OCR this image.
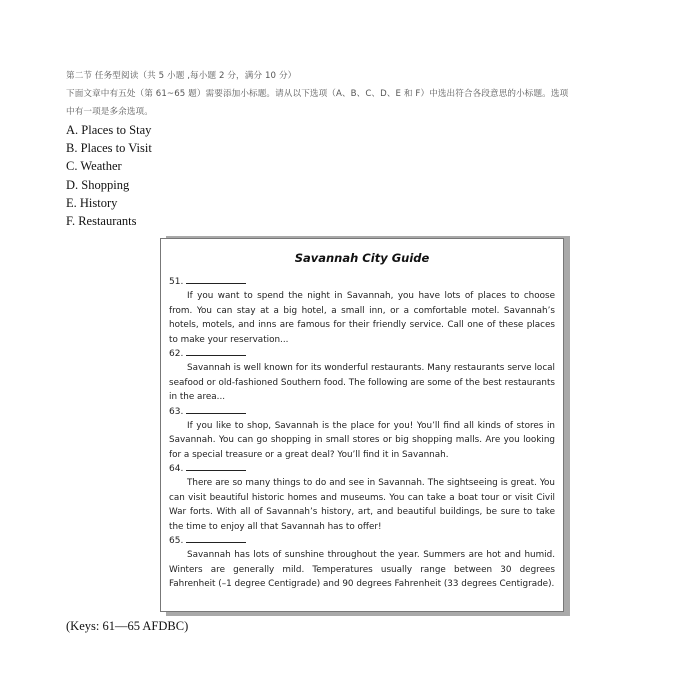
第二节 任务型阅读（共 5 小题 ,每小题 2 分，满分 10 分）

下面文章中有五处（第 61~65 题）需要添加小标题。请从以下选项（A、B、C、D、E 和 F）中选出符合各段意思的小标题。选项

中有一项是多余选项。

A. Places to Stay
B. Places to Visit
C. Weather
D. Shopping
E. History
F. Restaurants
Savannah City Guide
51.

If you want to spend the night in Savannah, you have lots of places to choose from. You can stay at a big hotel, a small inn, or a comfortable motel. Savannah’s hotels, motels, and inns are famous for their friendly service. Call one of these places to make your reservation...

62.

Savannah is well known for its wonderful restaurants. Many restaurants serve local seafood or old-fashioned Southern food. The following are some of the best restaurants in the area...

63.

If you like to shop, Savannah is the place for you! You’ll find all kinds of stores in Savannah. You can go shopping in small stores or big shopping malls. Are you looking for a special treasure or a great deal? You’ll find it in Savannah.

64.

There are so many things to do and see in Savannah. The sightseeing is great. You can visit beautiful historic homes and museums. You can take a boat tour or visit Civil War forts. With all of Savannah’s history, art, and beautiful buildings, be sure to take the time to enjoy all that Savannah has to offer!

65.

Savannah has lots of sunshine throughout the year. Summers are hot and humid. Winters are generally mild. Temperatures usually range between 30 degrees Fahrenheit (–1 degree Centigrade) and 90 degrees Fahrenheit (33 degrees Centigrade).

(Keys: 61—65 AFDBC)
